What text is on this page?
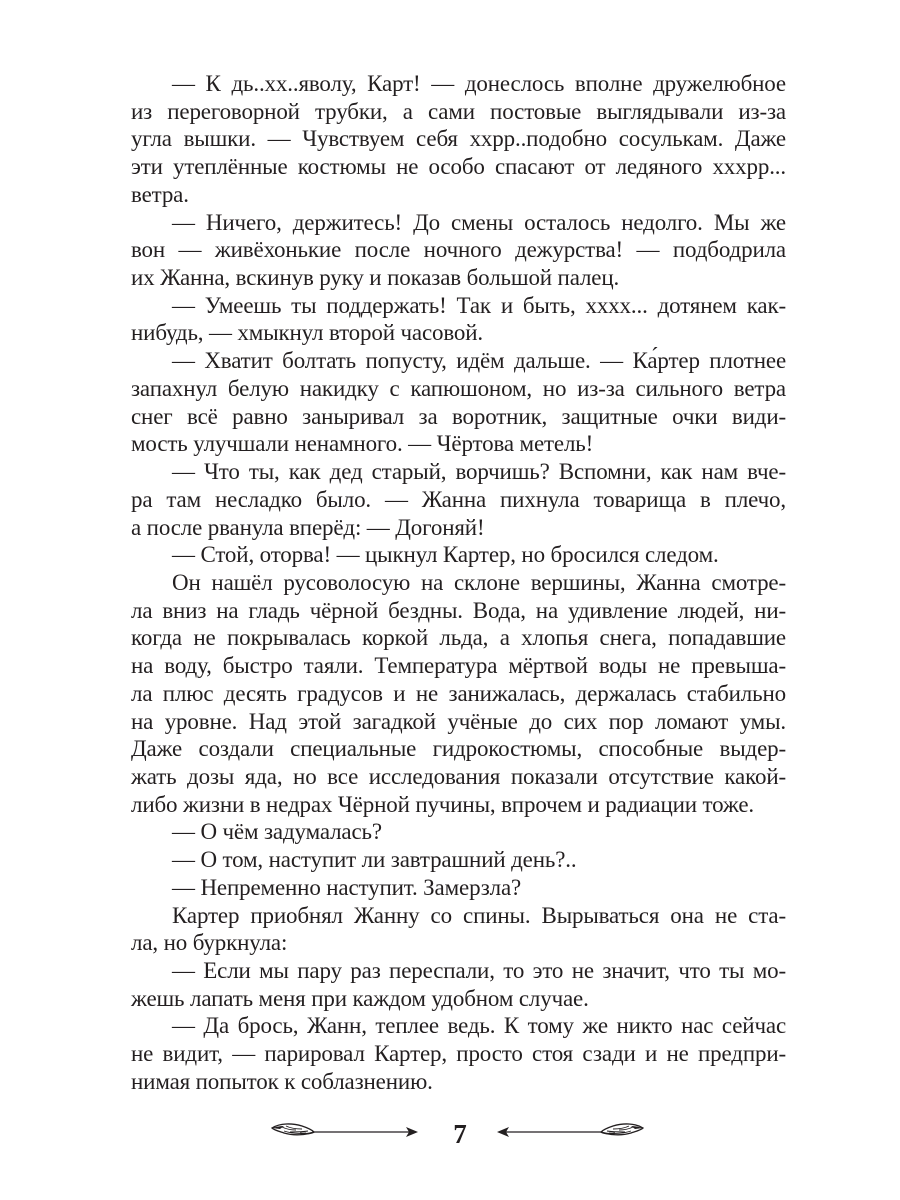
— К дь..хх..яволу, Карт! — донеслось вполне дружелюбное
из переговорной трубки, а сами постовые выглядывали из-за
угла вышки. — Чувствуем себя ххрр..подобно сосулькам. Даже
эти утеплённые костюмы не особо спасают от ледяного хххрр...
ветра.
— Ничего, держитесь! До смены осталось недолго. Мы же
вон — живёхонькие после ночного дежурства! — подбодрила
их Жанна, вскинув руку и показав большой палец.
— Умеешь ты поддержать! Так и быть, хххх... дотянем как-
нибудь, — хмыкнул второй часовой.
— Хватит болтать попусту, идём дальше. — Ка́ртер плотнее
запахнул белую накидку с капюшоном, но из-за сильного ветра
снег всё равно заныривал за воротник, защитные очки види-
мость улучшали ненамного. — Чёртова метель!
— Что ты, как дед старый, ворчишь? Вспомни, как нам вче-
ра там несладко было. — Жанна пихнула товарища в плечо,
а после рванула вперёд: — Догоняй!
— Стой, оторва! — цыкнул Картер, но бросился следом.
Он нашёл русоволосую на склоне вершины, Жанна смотре-
ла вниз на гладь чёрной бездны. Вода, на удивление людей, ни-
когда не покрывалась коркой льда, а хлопья снега, попадавшие
на воду, быстро таяли. Температура мёртвой воды не превыша-
ла плюс десять градусов и не занижалась, держалась стабильно
на уровне. Над этой загадкой учёные до сих пор ломают умы.
Даже создали специальные гидрокостюмы, способные выдер-
жать дозы яда, но все исследования показали отсутствие какой-
либо жизни в недрах Чёрной пучины, впрочем и радиации тоже.
— О чём задумалась?
— О том, наступит ли завтрашний день?..
— Непременно наступит. Замерзла?
Картер приобнял Жанну со спины. Вырываться она не ста-
ла, но буркнула:
— Если мы пару раз переспали, то это не значит, что ты мо-
жешь лапать меня при каждом удобном случае.
— Да брось, Жанн, теплее ведь. К тому же никто нас сейчас
не видит, — парировал Картер, просто стоя сзади и не предпри-
нимая попыток к соблазнению.
7
